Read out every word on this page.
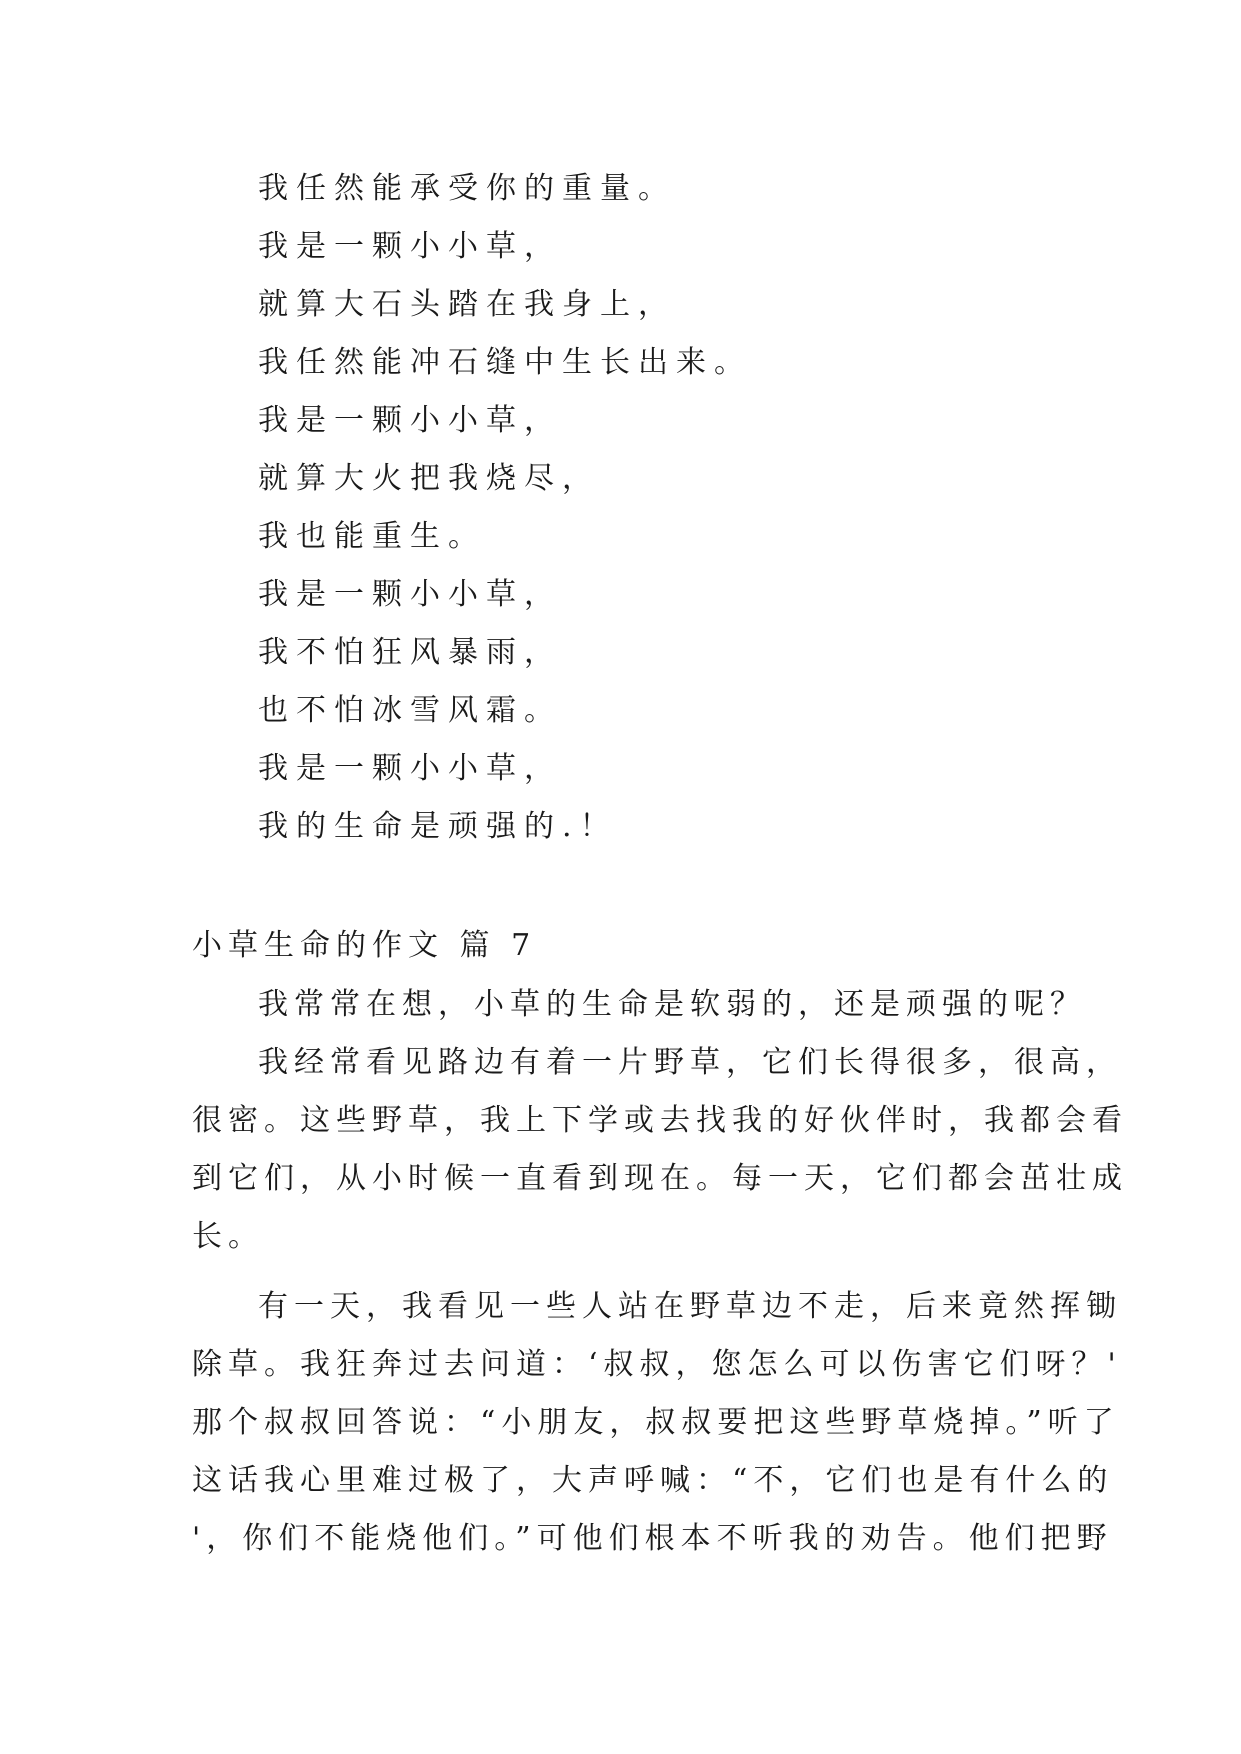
我任然能承受你的重量。
我是一颗小小草，
就算大石头踏在我身上，
我任然能冲石缝中生长出来。
我是一颗小小草，
就算大火把我烧尽，
我也能重生。
我是一颗小小草，
我不怕狂风暴雨，
也不怕冰雪风霜。
我是一颗小小草，
我的生命是顽强的.！
小草生命的作文 篇 7
我常常在想，小草的生命是软弱的，还是顽强的呢？
我经常看见路边有着一片野草，它们长得很多，很高，
很密。这些野草，我上下学或去找我的好伙伴时，我都会看
到它们，从小时候一直看到现在。每一天，它们都会茁壮成
长。
有一天，我看见一些人站在野草边不走，后来竟然挥锄
除草。我狂奔过去问道：‘叔叔，您怎么可以伤害它们呀？'
那个叔叔回答说：“小朋友，叔叔要把这些野草烧掉。”听了
这话我心里难过极了，大声呼喊：“不，它们也是有什么的
'，你们不能烧他们。”可他们根本不听我的劝告。他们把野
